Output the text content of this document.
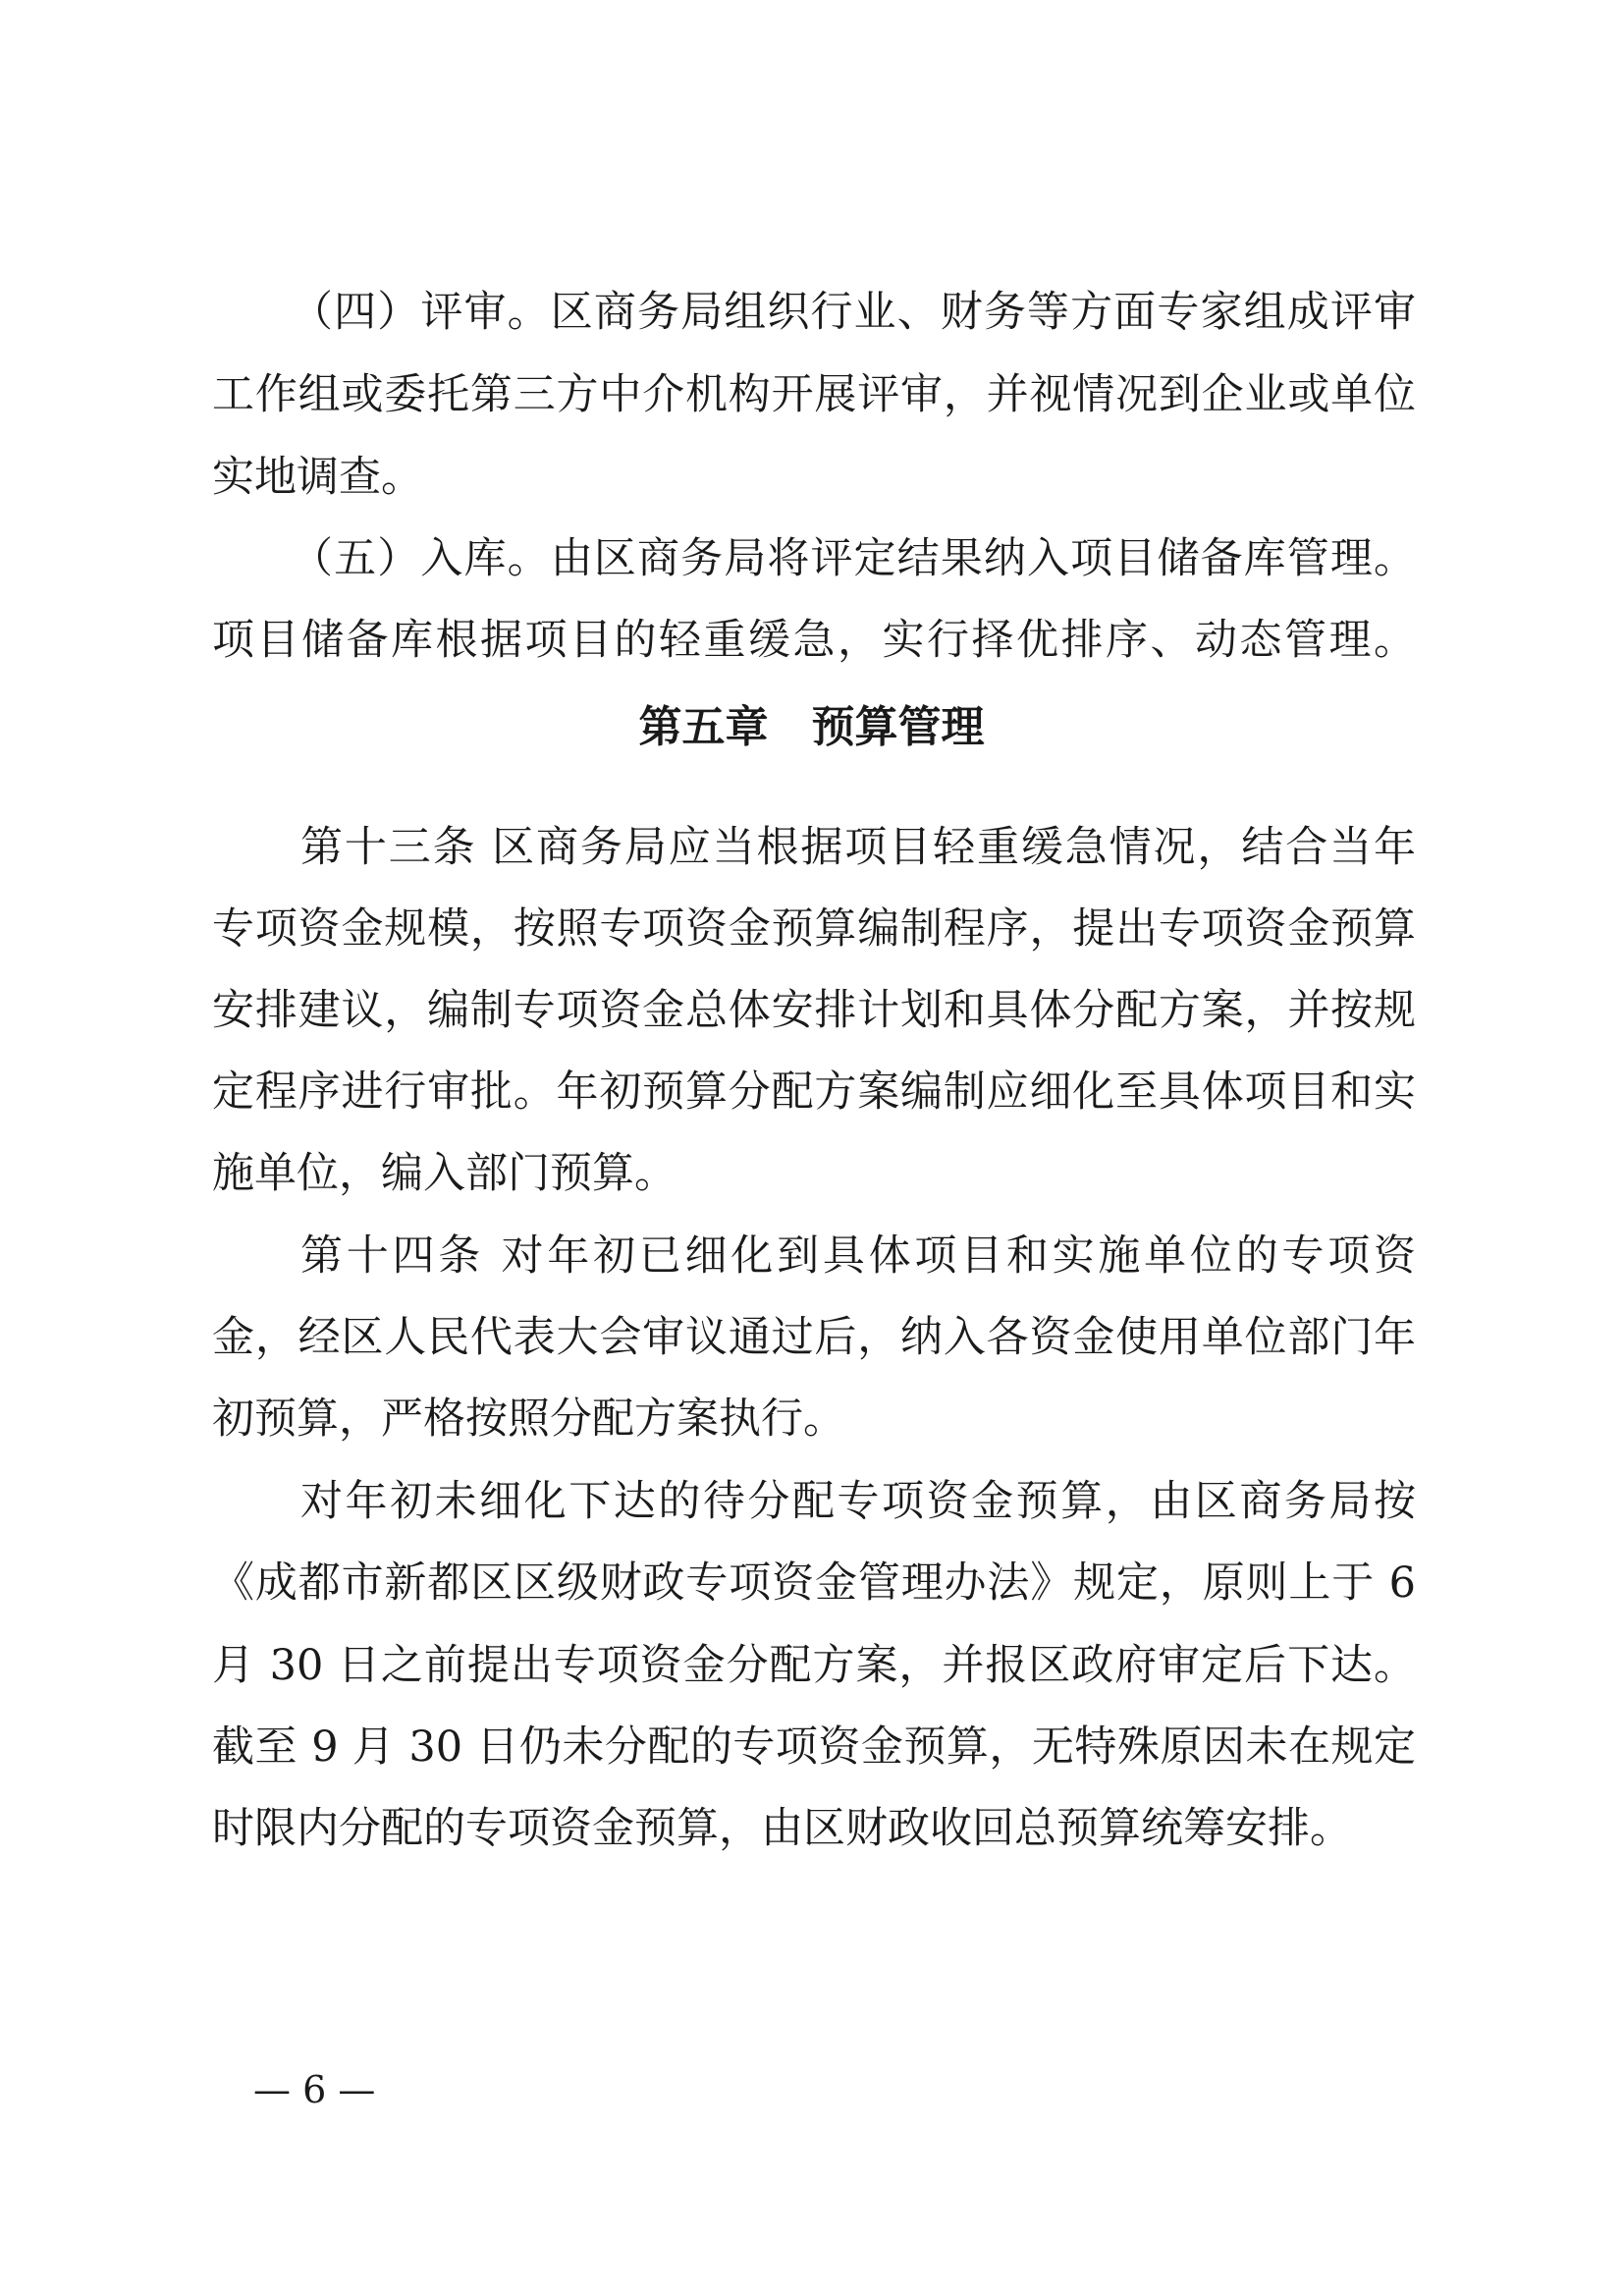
（四）评审。区商务局组织行业、财务等方面专家组成评审
工作组或委托第三方中介机构开展评审，并视情况到企业或单位
实地调查。
（五）入库。由区商务局将评定结果纳入项目储备库管理。
项目储备库根据项目的轻重缓急，实行择优排序、动态管理。
第五章　预算管理
第十三条 区商务局应当根据项目轻重缓急情况，结合当年
专项资金规模，按照专项资金预算编制程序，提出专项资金预算
安排建议，编制专项资金总体安排计划和具体分配方案，并按规
定程序进行审批。年初预算分配方案编制应细化至具体项目和实
施单位，编入部门预算。
第十四条 对年初已细化到具体项目和实施单位的专项资
金，经区人民代表大会审议通过后，纳入各资金使用单位部门年
初预算，严格按照分配方案执行。
对年初未细化下达的待分配专项资金预算，由区商务局按
《成都市新都区区级财政专项资金管理办法》规定，原则上于 6
月 30 日之前提出专项资金分配方案，并报区政府审定后下达。
截至 9 月 30 日仍未分配的专项资金预算，无特殊原因未在规定
时限内分配的专项资金预算，由区财政收回总预算统筹安排。
— 6 —
